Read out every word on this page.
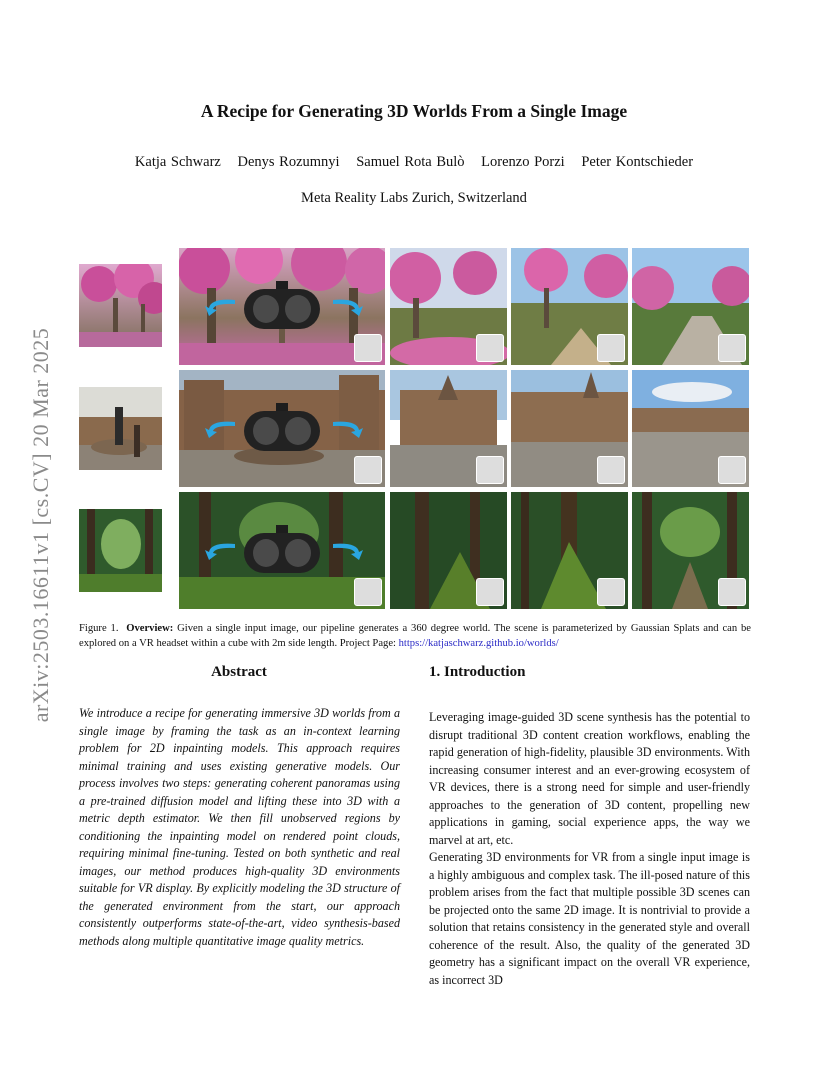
arXiv:2503.16611v1 [cs.CV] 20 Mar 2025
A Recipe for Generating 3D Worlds From a Single Image
Katja Schwarz Denys Rozumnyi Samuel Rota Bulò Lorenzo Porzi Peter Kontschieder
Meta Reality Labs Zurich, Switzerland
Figure 1. Overview: Given a single input image, our pipeline generates a 360 degree world. The scene is parameterized by Gaussian Splats and can be explored on a VR headset within a cube with 2m side length. Project Page: https://katjaschwarz.github.io/worlds/
Abstract	1. Introduction
We introduce a recipe for generating immersive 3D worlds from a single image by framing the task as an in-context learning problem for 2D inpainting models. This approach requires minimal training and uses existing generative models. Our process involves two steps: generating coherent panoramas using a pre-trained diffusion model and lifting these into 3D with a metric depth estimator. We then fill unobserved regions by conditioning the inpainting model on rendered point clouds, requiring minimal fine-tuning. Tested on both synthetic and real images, our method produces high-quality 3D environments suitable for VR display. By explicitly modeling the 3D structure of the generated environment from the start, our approach consistently outperforms state-of-the-art, video synthesis-based methods along multiple quantitative image quality metrics.

Leveraging image-guided 3D scene synthesis has the potential to disrupt traditional 3D content creation workflows, enabling the rapid generation of high-fidelity, plausible 3D environments. With increasing consumer interest and an ever-growing ecosystem of VR devices, there is a strong need for simple and user-friendly approaches to the generation of 3D content, propelling new applications in gaming, social experience apps, the way we marvel at art, etc.

Generating 3D environments for VR from a single input image is a highly ambiguous and complex task. The ill-posed nature of this problem arises from the fact that multiple possible 3D scenes can be projected onto the same 2D image. It is nontrivial to provide a solution that retains consistency in the generated style and overall coherence of the result. Also, the quality of the generated 3D geometry has a significant impact on the overall VR experience, as incorrect 3D
